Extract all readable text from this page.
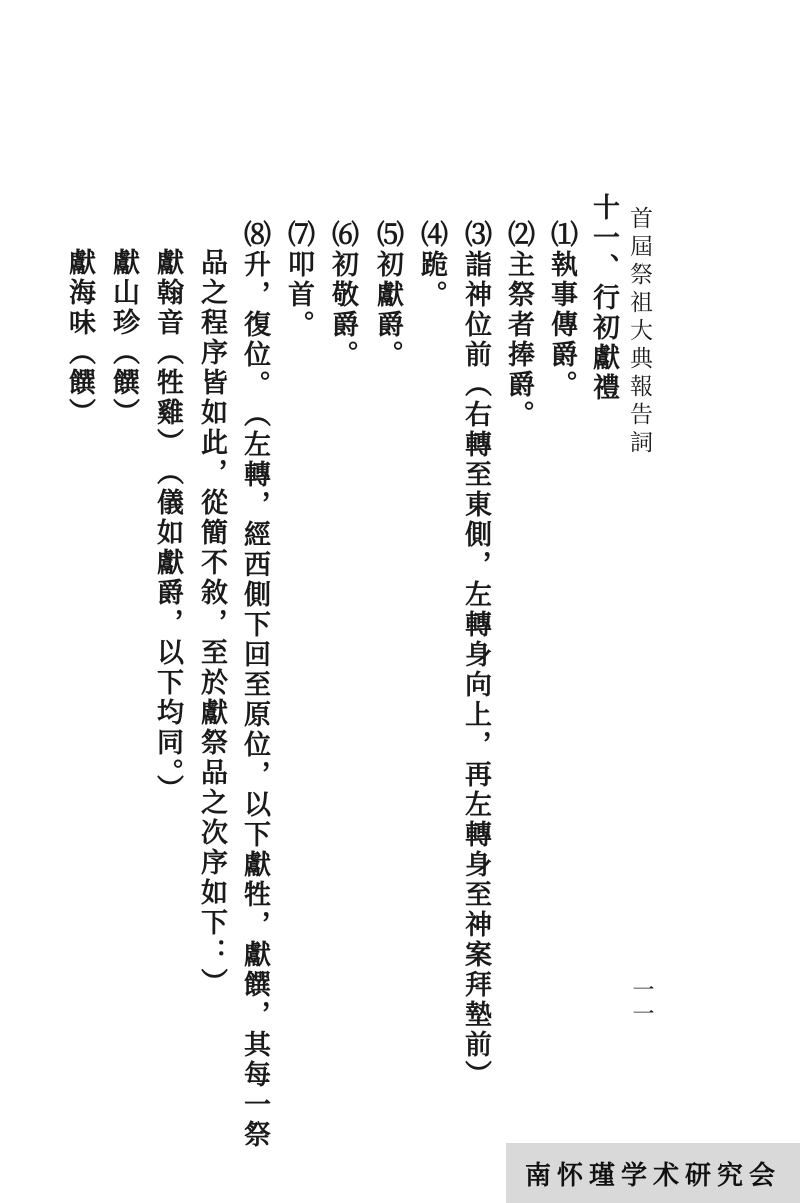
首屆祭祖大典報告詞
一一
十一、行初獻禮
⑴執事傳爵。
⑵主祭者捧爵。
⑶詣神位前︵右轉至東側，左轉身向上，再左轉身至神案拜墊前︶
⑷跪。
⑸初獻爵。
⑹初敬爵。
⑺叩首。
⑻升，復位。︵左轉，經西側下回至原位，以下獻牲，獻饌，其每一祭
品之程序皆如此，從簡不敘，至於獻祭品之次序如下：︶
獻翰音︵牲雞︶︵儀如獻爵，以下均同。︶
獻山珍︵饌︶
獻海味︵饌︶
南怀瑾学术研究会
